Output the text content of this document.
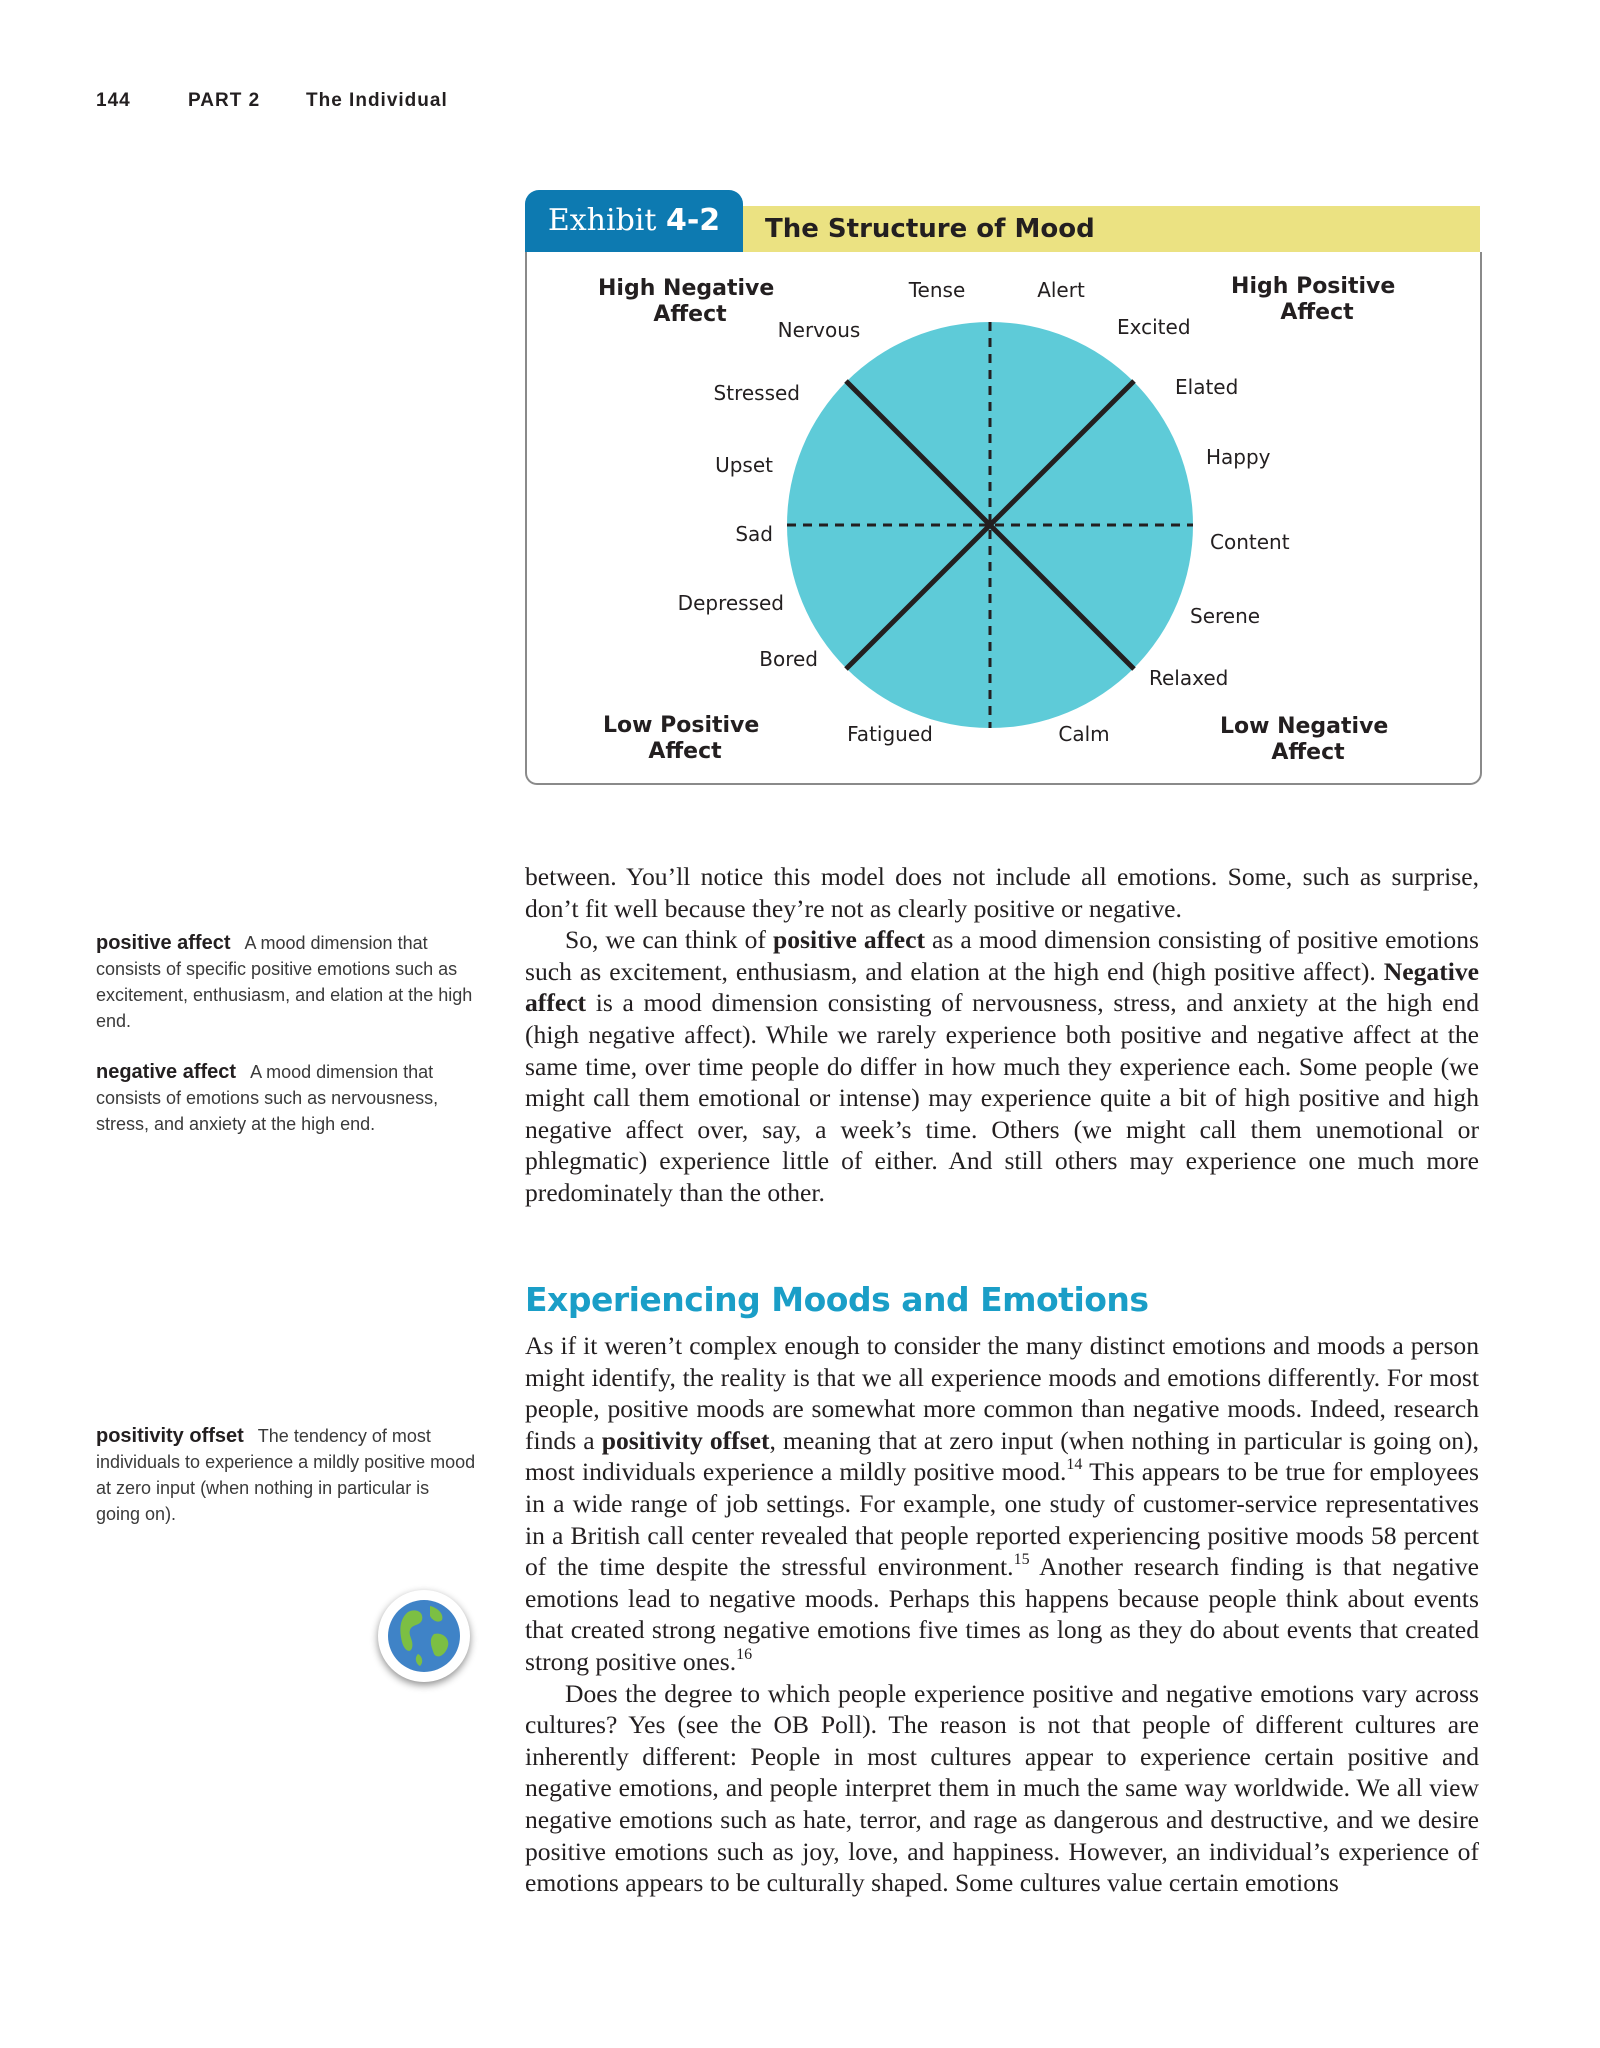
144	PART 2 The Individual
Exhibit 4-2	The Structure of Mood
High Negative Affect
High Positive Affect
Low Positive Affect
Low Negative Affect
Tense	Alert
Nervous	Excited
Stressed	Elated
Upset	Happy
Sad	Content
Depressed
Serene
Bored
Relaxed
Fatigued	Calm
positive affect A mood dimension that consists of specific positive emotions such as excitement, enthusiasm, and elation at the high end.
negative affect A mood dimension that consists of emotions such as nervousness, stress, and anxiety at the high end.
positivity offset The tendency of most individuals to experience a mildly positive mood at zero input (when nothing in particular is going on).

between. You’ll notice this model does not include all emotions. Some, such as surprise, don’t fit well because they’re not as clearly positive or negative.

So, we can think of positive affect as a mood dimension consisting of positive emotions such as excitement, enthusiasm, and elation at the high end (high positive affect). Negative affect is a mood dimension consisting of nervousness, stress, and anxiety at the high end (high negative affect). While we rarely experience both positive and negative affect at the same time, over time people do differ in how much they experience each. Some people (we might call them emotional or intense) may experience quite a bit of high positive and high negative affect over, say, a week’s time. Others (we might call them unemotional or phlegmatic) experience little of either. And still others may experience one much more predominately than the other.

Experiencing Moods and Emotions

As if it weren’t complex enough to consider the many distinct emotions and moods a person might identify, the reality is that we all experience moods and emotions differently. For most people, positive moods are somewhat more common than negative moods. Indeed, research finds a positivity offset, meaning that at zero input (when nothing in particular is going on), most individuals experience a mildly positive mood.$^{14}$ This appears to be true for employees in a wide range of job settings. For example, one study of customer-service representatives in a British call center revealed that people reported experiencing positive moods 58 percent of the time despite the stressful environment.$^{15}$ Another research finding is that negative emotions lead to negative moods. Perhaps this happens because people think about events that created strong negative emotions five times as long as they do about events that created strong positive ones.$^{16}$

Does the degree to which people experience positive and negative emotions vary across cultures? Yes (see the OB Poll). The reason is not that people of different cultures are inherently different: People in most cultures appear to experience certain positive and negative emotions, and people interpret them in much the same way worldwide. We all view negative emotions such as hate, terror, and rage as dangerous and destructive, and we desire positive emotions such as joy, love, and happiness. However, an individual’s experience of emotions appears to be culturally shaped. Some cultures value certain emotions
